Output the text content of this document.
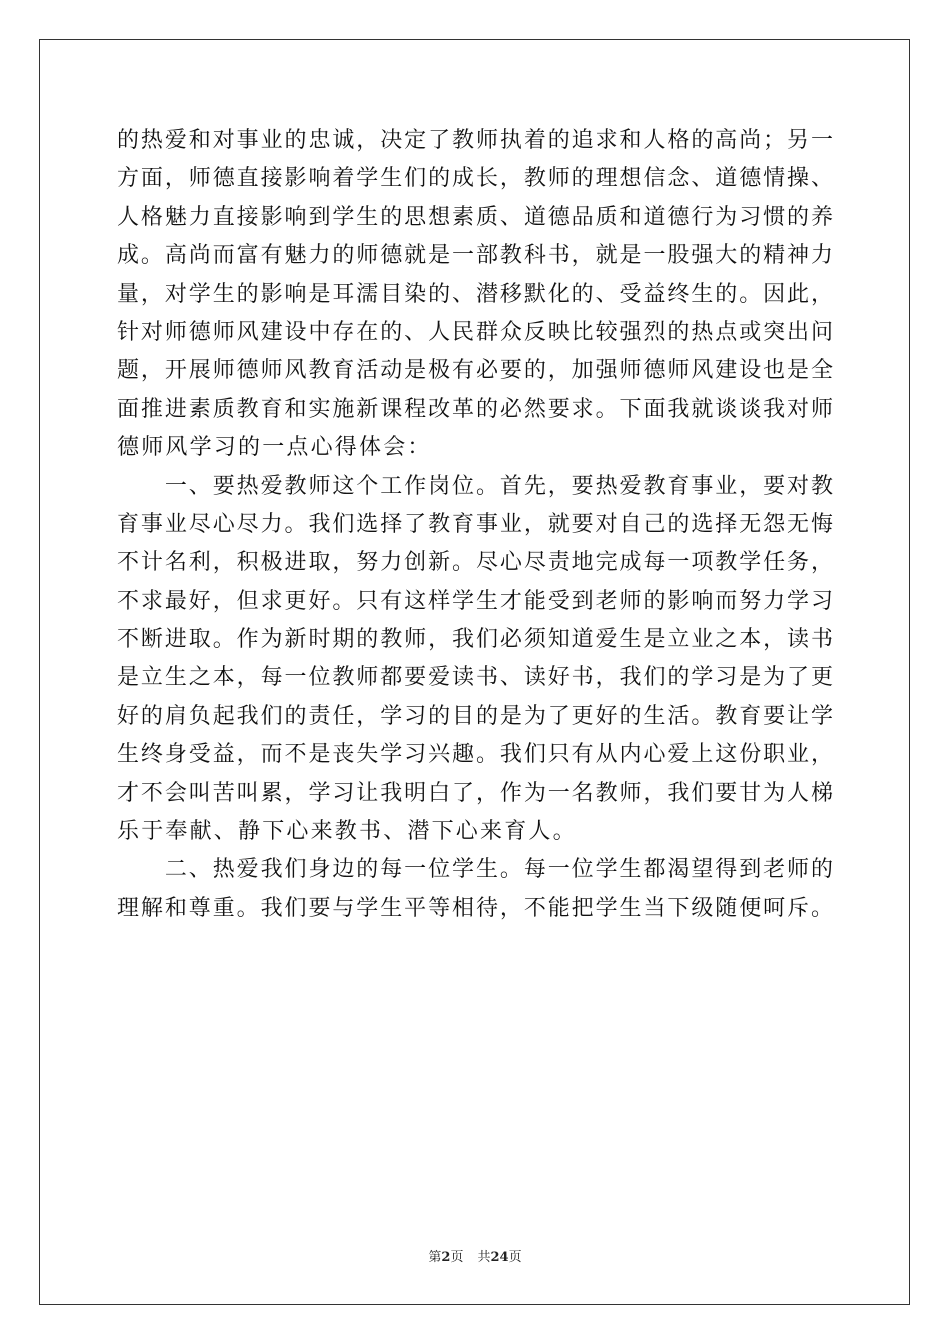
的热爱和对事业的忠诚，决定了教师执着的追求和人格的高尚；另一
方面，师德直接影响着学生们的成长，教师的理想信念、道德情操、
人格魅力直接影响到学生的思想素质、道德品质和道德行为习惯的养
成。高尚而富有魅力的师德就是一部教科书，就是一股强大的精神力
量，对学生的影响是耳濡目染的、潜移默化的、受益终生的。因此，
针对师德师风建设中存在的、人民群众反映比较强烈的热点或突出问
题，开展师德师风教育活动是极有必要的，加强师德师风建设也是全
面推进素质教育和实施新课程改革的必然要求。下面我就谈谈我对师
德师风学习的一点心得体会：
　　一、要热爱教师这个工作岗位。首先，要热爱教育事业，要对教
育事业尽心尽力。我们选择了教育事业，就要对自己的选择无怨无悔
不计名利，积极进取，努力创新。尽心尽责地完成每一项教学任务，
不求最好，但求更好。只有这样学生才能受到老师的影响而努力学习
不断进取。作为新时期的教师，我们必须知道爱生是立业之本，读书
是立生之本，每一位教师都要爱读书、读好书，我们的学习是为了更
好的肩负起我们的责任，学习的目的是为了更好的生活。教育要让学
生终身受益，而不是丧失学习兴趣。我们只有从内心爱上这份职业，
才不会叫苦叫累，学习让我明白了，作为一名教师，我们要甘为人梯
乐于奉献、静下心来教书、潜下心来育人。
　　二、热爱我们身边的每一位学生。每一位学生都渴望得到老师的
理解和尊重。我们要与学生平等相待，不能把学生当下级随便呵斥。
第2页 共24页
